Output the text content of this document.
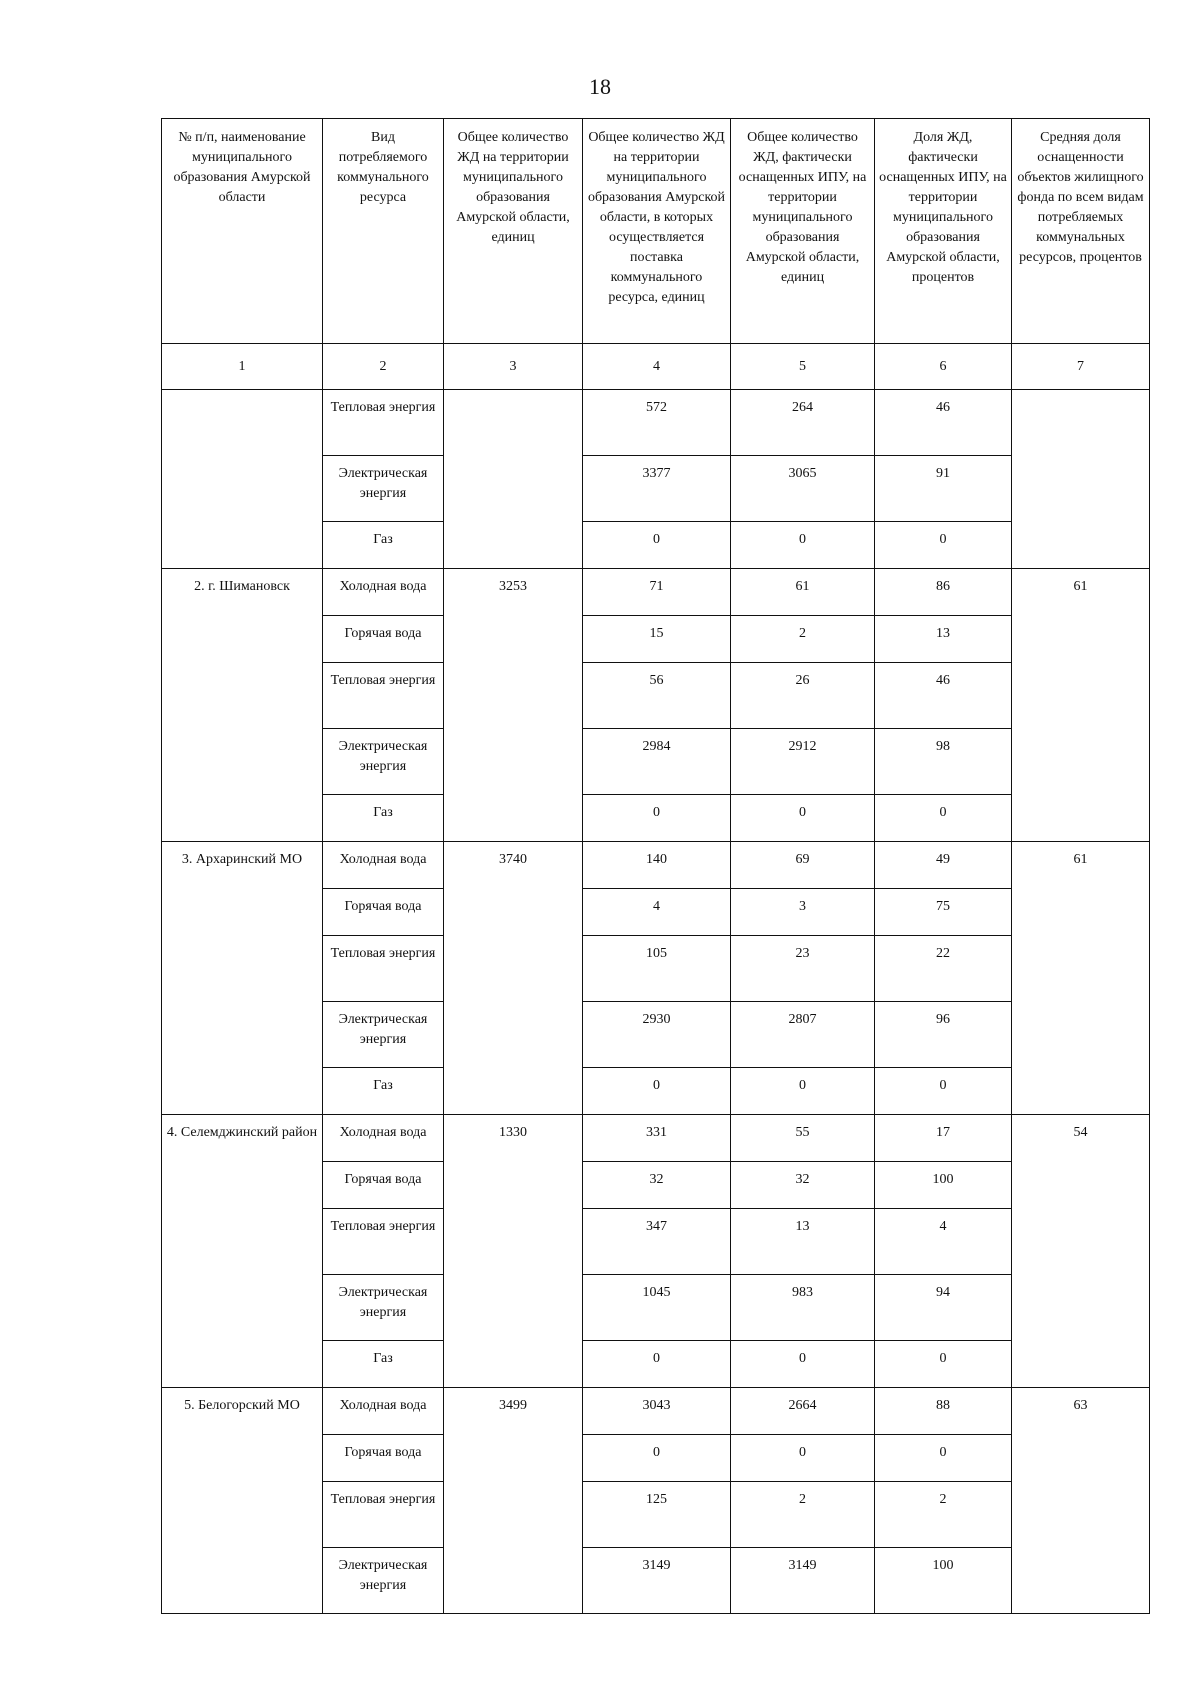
18
№ п/п, наименование муниципального образования Амурской области	Вид потребляемого коммунального ресурса	Общее количество ЖД на территории муниципального образования Амурской области, единиц	Общее количество ЖД на территории муниципального образования Амурской области, в которых осуществляется поставка коммунального ресурса, единиц	Общее количество ЖД, фактически оснащенных ИПУ, на территории муниципального образования Амурской области, единиц	Доля ЖД, фактически оснащенных ИПУ, на территории муниципального образования Амурской области, процентов	Средняя доля оснащенности объектов жилищного фонда по всем видам потребляемых коммунальных ресурсов, процентов
1	2	3	4	5	6	7
	Тепловая энергия		572	264	46	
	Электрическая энергия		3377	3065	91	
	Газ		0	0	0	
2. г. Шимановск	Холодная вода	3253	71	61	86	61
	Горячая вода		15	2	13	
	Тепловая энергия		56	26	46	
	Электрическая энергия		2984	2912	98	
	Газ		0	0	0	
3. Архаринский МО	Холодная вода	3740	140	69	49	61
	Горячая вода		4	3	75	
	Тепловая энергия		105	23	22	
	Электрическая энергия		2930	2807	96	
	Газ		0	0	0	
4. Селемджинский район	Холодная вода	1330	331	55	17	54
	Горячая вода		32	32	100	
	Тепловая энергия		347	13	4	
	Электрическая энергия		1045	983	94	
	Газ		0	0	0	
5. Белогорский МО	Холодная вода	3499	3043	2664	88	63
	Горячая вода		0	0	0	
	Тепловая энергия		125	2	2	
	Электрическая энергия		3149	3149	100	
